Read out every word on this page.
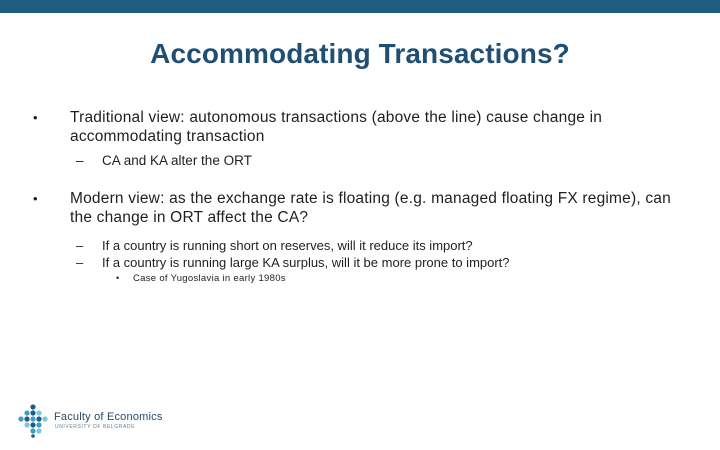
Accommodating Transactions?
• Traditional view: autonomous transactions (above the line) cause change in accommodating transaction
– CA and KA alter the ORT
• Modern view: as the exchange rate is floating (e.g. managed floating FX regime), can the change in ORT affect the CA?
– If a country is running short on reserves, will it reduce its import?
– If a country is running large KA surplus, will it be more prone to import?
• Case of Yugoslavia in early 1980s
Faculty of Economics
UNIVERSITY OF BELGRADE
